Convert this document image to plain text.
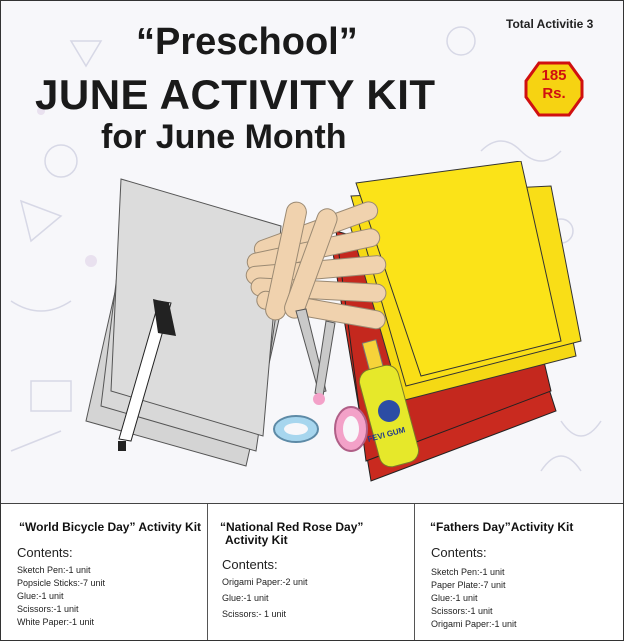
“Preschool”
JUNE ACTIVITY KIT
for June Month
Total Activitie 3
185
Rs.
FEVI GUM
“World Bicycle Day” Activity Kit
Contents:
Sketch Pen:-1 unit
Popsicle Sticks:-7 unit
Glue:-1 unit
Scissors:-1 unit
White Paper:-1 unit
“National Red Rose Day”
Activity Kit
Contents:
Origami Paper:-2 unit
Glue:-1 unit
Scissors:- 1 unit
“Fathers Day”Activity Kit
Contents:
Sketch Pen:-1 unit
Paper Plate:-7 unit
Glue:-1 unit
Scissors:-1 unit
Origami Paper:-1 unit
